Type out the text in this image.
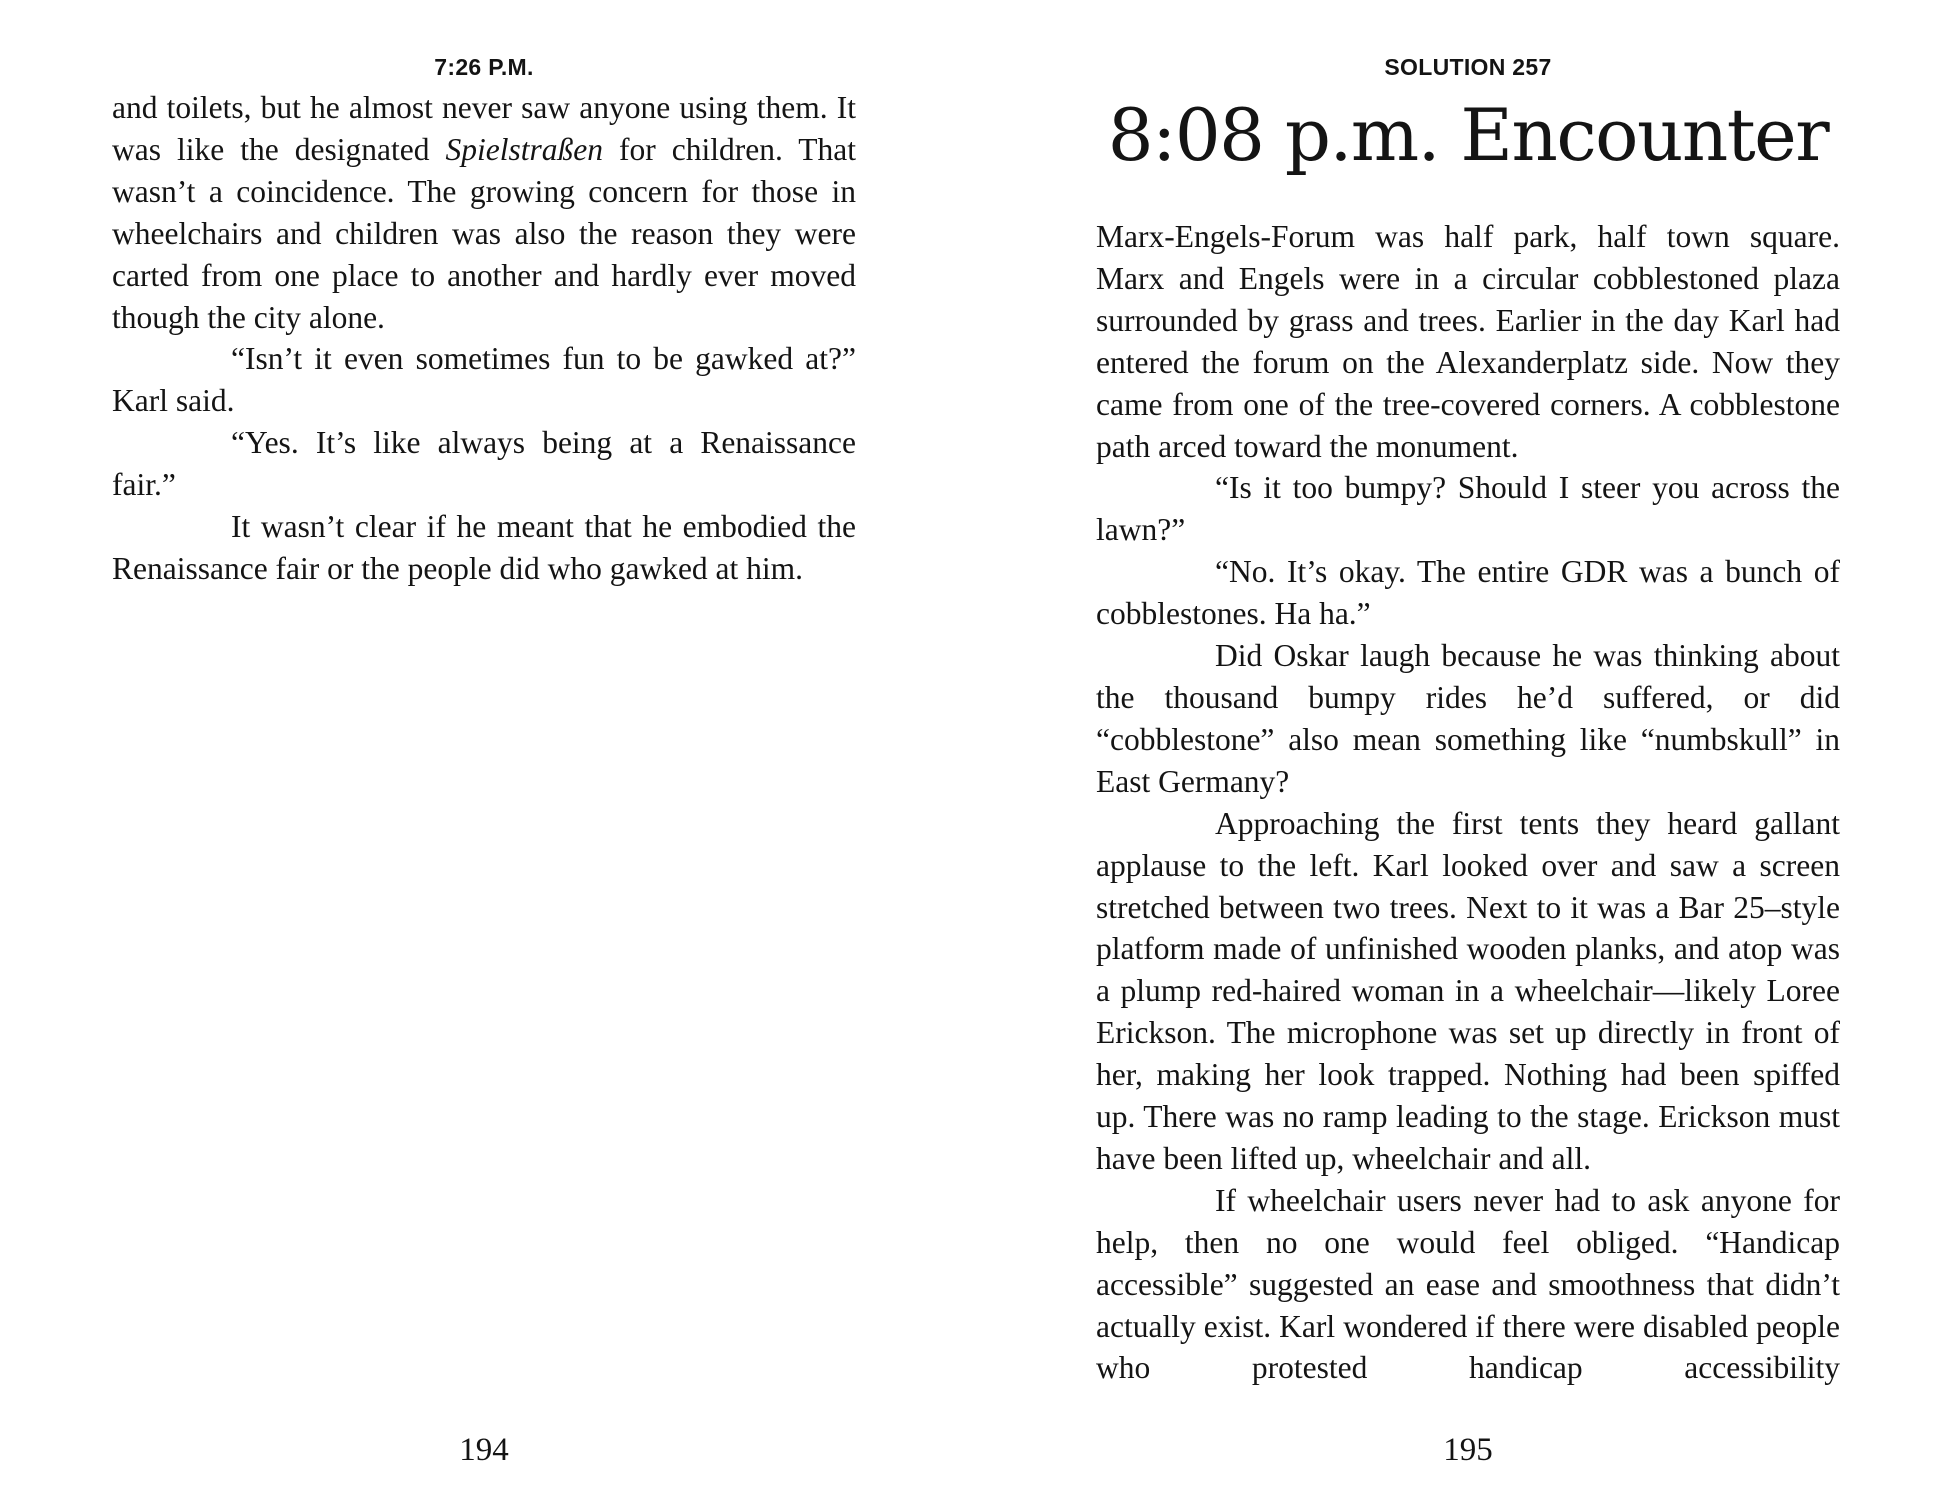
7:26 P.M.

and toilets, but he almost never saw anyone using them. It was like the designated Spielstraßen for children. That wasn’t a coincidence. The growing concern for those in wheelchairs and children was also the reason they were carted from one place to another and hardly ever moved though the city alone.

“Isn’t it even sometimes fun to be gawked at?” Karl said.

“Yes. It’s like always being at a Renaissance fair.”

It wasn’t clear if he meant that he embodied the Renaissance fair or the people did who gawked at him.

194
SOLUTION 257
8:08 p.m. Encounter

Marx-Engels-Forum was half park, half town square. Marx and Engels were in a circular cobblestoned plaza surrounded by grass and trees. Earlier in the day Karl had entered the forum on the Alexanderplatz side. Now they came from one of the tree-covered corners. A cobblestone path arced toward the monument.

“Is it too bumpy? Should I steer you across the lawn?”

“No. It’s okay. The entire GDR was a bunch of cobblestones. Ha ha.”

Did Oskar laugh because he was thinking about the thousand bumpy rides he’d suffered, or did “cobblestone” also mean something like “numbskull” in East Germany?

Approaching the first tents they heard gallant applause to the left. Karl looked over and saw a screen stretched between two trees. Next to it was a Bar 25–style platform made of unfinished wooden planks, and atop was a plump red-haired woman in a wheelchair—likely Loree Erickson. The microphone was set up directly in front of her, making her look trapped. Nothing had been spiffed up. There was no ramp leading to the stage. Erickson must have been lifted up, wheelchair and all.

If wheelchair users never had to ask anyone for help, then no one would feel obliged. “Handicap accessible” suggested an ease and smoothness that didn’t actually exist. Karl wondered if there were disabled people who protested handicap accessibility

195
